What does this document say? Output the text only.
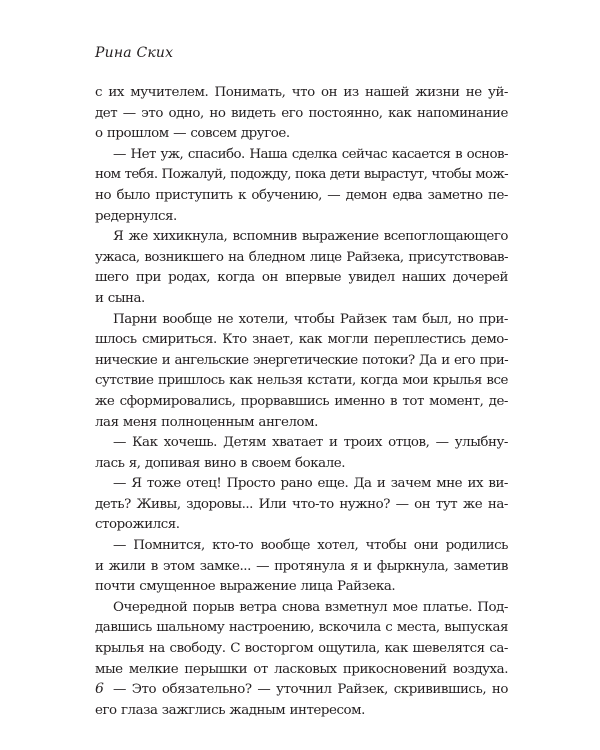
Рина Ских
с их мучителем. Понимать, что он из нашей жизни не уй-
дет — это одно, но видеть его постоянно, как напоминание
о прошлом — совсем другое.
— Нет уж, спасибо. Наша сделка сейчас касается в основ-
ном тебя. Пожалуй, подожду, пока дети вырастут, чтобы мож-
но было приступить к обучению, — демон едва заметно пе-
редернулся.
Я же хихикнула, вспомнив выражение всепоглощающего
ужаса, возникшего на бледном лице Райзека, присутствовав-
шего при родах, когда он впервые увидел наших дочерей
и сына.
Парни вообще не хотели, чтобы Райзек там был, но при-
шлось смириться. Кто знает, как могли переплестись демо-
нические и ангельские энергетические потоки? Да и его при-
сутствие пришлось как нельзя кстати, когда мои крылья все
же сформировались, прорвавшись именно в тот момент, де-
лая меня полноценным ангелом.
— Как хочешь. Детям хватает и троих отцов, — улыбну-
лась я, допивая вино в своем бокале.
— Я тоже отец! Просто рано еще. Да и зачем мне их ви-
деть? Живы, здоровы... Или что-то нужно? — он тут же на-
сторожился.
— Помнится, кто-то вообще хотел, чтобы они родились
и жили в этом замке... — протянула я и фыркнула, заметив
почти смущенное выражение лица Райзека.
Очередной порыв ветра снова взметнул мое платье. Под-
давшись шальному настроению, вскочила с места, выпуская
крылья на свободу. С восторгом ощутила, как шевелятся са-
мые мелкие перышки от ласковых прикосновений воздуха.
— Это обязательно? — уточнил Райзек, скривившись, но
его глаза зажглись жадным интересом.
6
